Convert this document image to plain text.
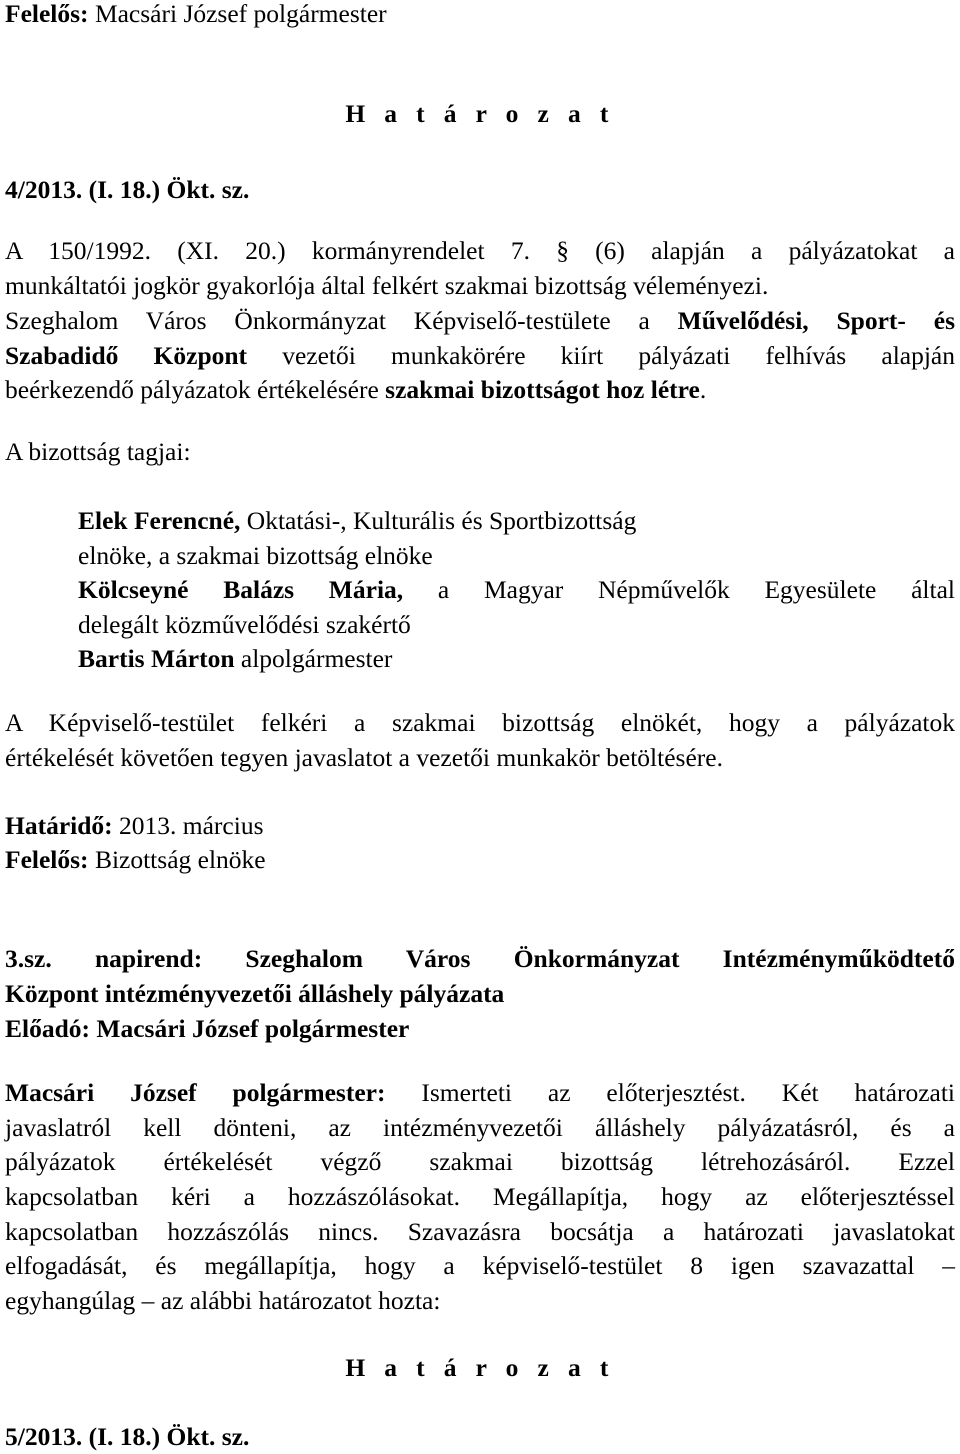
Felelős: Macsári József polgármester

H a t á r o z a t

4/2013. (I. 18.) Ökt. sz.

A 150/1992. (XI. 20.) kormányrendelet 7. § (6) alapján a pályázatokat a

munkáltatói jogkör gyakorlója által felkért szakmai bizottság véleményezi.

Szeghalom Város Önkormányzat Képviselő-testülete a Művelődési, Sport- és

Szabadidő Központ vezetői munkakörére kiírt pályázati felhívás alapján

beérkezendő pályázatok értékelésére szakmai bizottságot hoz létre.

A bizottság tagjai:

Elek Ferencné, Oktatási-, Kulturális és Sportbizottság

elnöke, a szakmai bizottság elnöke

Kölcseyné Balázs Mária, a Magyar Népművelők Egyesülete által

delegált közművelődési szakértő

Bartis Márton alpolgármester

A Képviselő-testület felkéri a szakmai bizottság elnökét, hogy a pályázatok

értékelését követően tegyen javaslatot a vezetői munkakör betöltésére.

Határidő: 2013. március

Felelős: Bizottság elnöke

3.sz. napirend: Szeghalom Város Önkormányzat Intézményműködtető

Központ intézményvezetői álláshely pályázata

Előadó: Macsári József polgármester

Macsári József polgármester: Ismerteti az előterjesztést. Két határozati

javaslatról kell dönteni, az intézményvezetői álláshely pályázatásról, és a

pályázatok értékelését végző szakmai bizottság létrehozásáról. Ezzel

kapcsolatban kéri a hozzászólásokat. Megállapítja, hogy az előterjesztéssel

kapcsolatban hozzászólás nincs. Szavazásra bocsátja a határozati javaslatokat

elfogadását, és megállapítja, hogy a képviselő-testület 8 igen szavazattal –

egyhangúlag – az alábbi határozatot hozta:

H a t á r o z a t

5/2013. (I. 18.) Ökt. sz.
